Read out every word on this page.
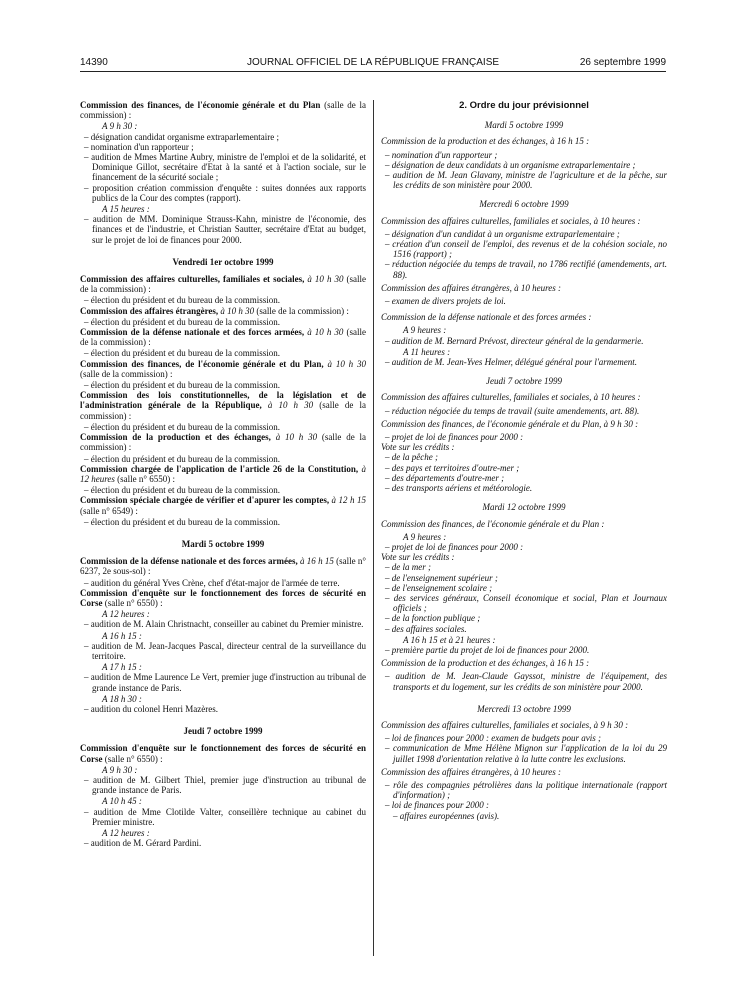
14390	JOURNAL OFFICIEL DE LA RÉPUBLIQUE FRANÇAISE	26 septembre 1999

Commission des finances, de l'économie générale et du Plan (salle de la commission) :

A 9 h 30 :

– désignation candidat organisme extraparlementaire ;

– nomination d'un rapporteur ;

– audition de Mmes Martine Aubry, ministre de l'emploi et de la solidarité, et Dominique Gillot, secrétaire d'Etat à la santé et à l'action sociale, sur le financement de la sécurité sociale ;

– proposition création commission d'enquête : suites données aux rapports publics de la Cour des comptes (rapport).

A 15 heures :

– audition de MM. Dominique Strauss-Kahn, ministre de l'économie, des finances et de l'industrie, et Christian Sautter, secrétaire d'Etat au budget, sur le projet de loi de finances pour 2000.

Vendredi 1er octobre 1999

Commission des affaires culturelles, familiales et sociales, à 10 h 30 (salle de la commission) :

– élection du président et du bureau de la commission.

Commission des affaires étrangères, à 10 h 30 (salle de la commission) :

– élection du président et du bureau de la commission.

Commission de la défense nationale et des forces armées, à 10 h 30 (salle de la commission) :

– élection du président et du bureau de la commission.

Commission des finances, de l'économie générale et du Plan, à 10 h 30 (salle de la commission) :

– élection du président et du bureau de la commission.

Commission des lois constitutionnelles, de la législation et de l'administration générale de la République, à 10 h 30 (salle de la commission) :

– élection du président et du bureau de la commission.

Commission de la production et des échanges, à 10 h 30 (salle de la commission) :

– élection du président et du bureau de la commission.

Commission chargée de l'application de l'article 26 de la Constitution, à 12 heures (salle n° 6550) :

– élection du président et du bureau de la commission.

Commission spéciale chargée de vérifier et d'apurer les comptes, à 12 h 15 (salle n° 6549) :

– élection du président et du bureau de la commission.

Mardi 5 octobre 1999

Commission de la défense nationale et des forces armées, à 16 h 15 (salle n° 6237, 2e sous-sol) :

– audition du général Yves Crène, chef d'état-major de l'armée de terre.

Commission d'enquête sur le fonctionnement des forces de sécurité en Corse (salle n° 6550) :

A 12 heures :

– audition de M. Alain Christnacht, conseiller au cabinet du Premier ministre.

A 16 h 15 :

– audition de M. Jean-Jacques Pascal, directeur central de la surveillance du territoire.

A 17 h 15 :

– audition de Mme Laurence Le Vert, premier juge d'instruction au tribunal de grande instance de Paris.

A 18 h 30 :

– audition du colonel Henri Mazères.

Jeudi 7 octobre 1999

Commission d'enquête sur le fonctionnement des forces de sécurité en Corse (salle n° 6550) :

A 9 h 30 :

– audition de M. Gilbert Thiel, premier juge d'instruction au tribunal de grande instance de Paris.

A 10 h 45 :

– audition de Mme Clotilde Valter, conseillère technique au cabinet du Premier ministre.

A 12 heures :

– audition de M. Gérard Pardini.

2. Ordre du jour prévisionnel

Mardi 5 octobre 1999

Commission de la production et des échanges, à 16 h 15 :

– nomination d'un rapporteur ;

– désignation de deux candidats à un organisme extraparlementaire ;

– audition de M. Jean Glavany, ministre de l'agriculture et de la pêche, sur les crédits de son ministère pour 2000.

Mercredi 6 octobre 1999

Commission des affaires culturelles, familiales et sociales, à 10 heures :

– désignation d'un candidat à un organisme extraparlementaire ;

– création d'un conseil de l'emploi, des revenus et de la cohésion sociale, no 1516 (rapport) ;

– réduction négociée du temps de travail, no 1786 rectifié (amendements, art. 88).

Commission des affaires étrangères, à 10 heures :

– examen de divers projets de loi.

Commission de la défense nationale et des forces armées :

A 9 heures :

– audition de M. Bernard Prévost, directeur général de la gendarmerie.

A 11 heures :

– audition de M. Jean-Yves Helmer, délégué général pour l'armement.

Jeudi 7 octobre 1999

Commission des affaires culturelles, familiales et sociales, à 10 heures :

– réduction négociée du temps de travail (suite amendements, art. 88).

Commission des finances, de l'économie générale et du Plan, à 9 h 30 :

– projet de loi de finances pour 2000 :

Vote sur les crédits :

– de la pêche ;

– des pays et territoires d'outre-mer ;

– des départements d'outre-mer ;

– des transports aériens et météorologie.

Mardi 12 octobre 1999

Commission des finances, de l'économie générale et du Plan :

A 9 heures :

– projet de loi de finances pour 2000 :

Vote sur les crédits :

– de la mer ;

– de l'enseignement supérieur ;

– de l'enseignement scolaire ;

– des services généraux, Conseil économique et social, Plan et Journaux officiels ;

– de la fonction publique ;

– des affaires sociales.

A 16 h 15 et à 21 heures :

– première partie du projet de loi de finances pour 2000.

Commission de la production et des échanges, à 16 h 15 :

– audition de M. Jean-Claude Gayssot, ministre de l'équipement, des transports et du logement, sur les crédits de son ministère pour 2000.

Mercredi 13 octobre 1999

Commission des affaires culturelles, familiales et sociales, à 9 h 30 :

– loi de finances pour 2000 : examen de budgets pour avis ;

– communication de Mme Hélène Mignon sur l'application de la loi du 29 juillet 1998 d'orientation relative à la lutte contre les exclusions.

Commission des affaires étrangères, à 10 heures :

– rôle des compagnies pétrolières dans la politique internationale (rapport d'information) ;

– loi de finances pour 2000 :

– affaires européennes (avis).
